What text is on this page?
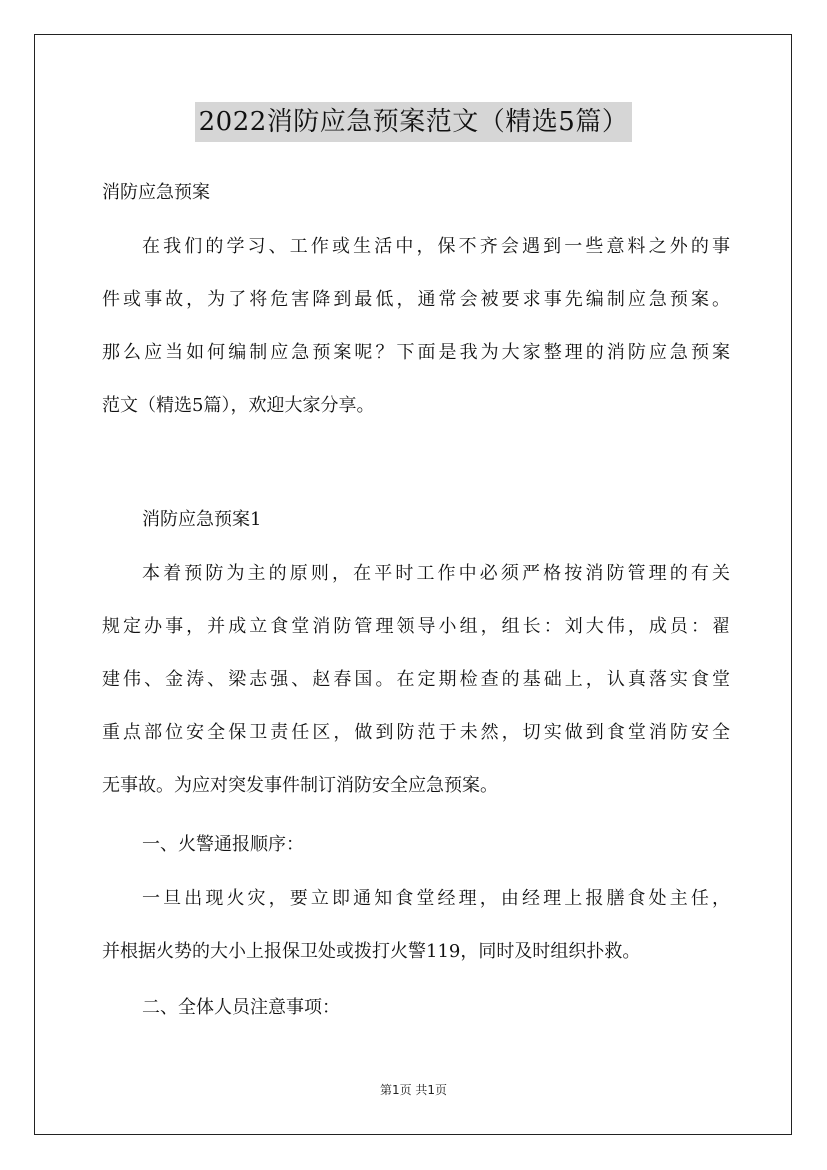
2022消防应急预案范文（精选5篇）
消防应急预案
在我们的学习、工作或生活中，保不齐会遇到一些意料之外的事
件或事故，为了将危害降到最低，通常会被要求事先编制应急预案。
那么应当如何编制应急预案呢？下面是我为大家整理的消防应急预案
范文（精选5篇），欢迎大家分享。
消防应急预案1
本着预防为主的原则，在平时工作中必须严格按消防管理的有关
规定办事，并成立食堂消防管理领导小组，组长：刘大伟，成员：翟
建伟、金涛、梁志强、赵春国。在定期检查的基础上，认真落实食堂
重点部位安全保卫责任区，做到防范于未然，切实做到食堂消防安全
无事故。为应对突发事件制订消防安全应急预案。
一、火警通报顺序：
一旦出现火灾，要立即通知食堂经理，由经理上报膳食处主任，
并根据火势的大小上报保卫处或拨打火警119，同时及时组织扑救。
二、全体人员注意事项：
第1页 共1页
